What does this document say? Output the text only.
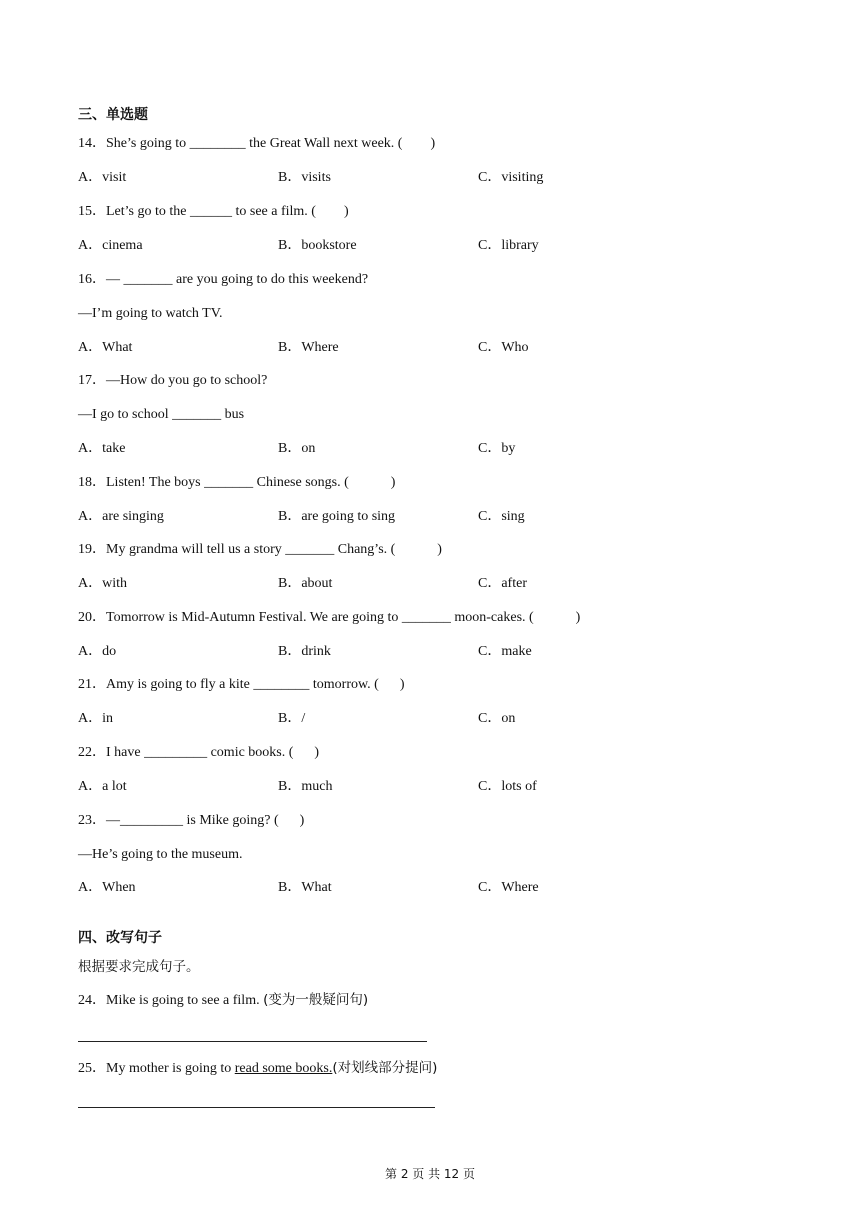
三、单选题
14．She’s going to ________ the Great Wall next week. (        )
A．visit	B．visits	C．visiting
15．Let’s go to the ______ to see a film. (        )
A．cinema	B．bookstore	C．library
16．— _______ are you going to do this weekend?
—I’m going to watch TV.
A．What	B．Where	C．Who
17．—How do you go to school?
—I go to school _______ bus
A．take	B．on	C．by
18．Listen! The boys _______ Chinese songs. (            )
A．are singing	B．are going to sing	C．sing
19．My grandma will tell us a story _______ Chang’s. (            )
A．with	B．about	C．after
20．Tomorrow is Mid-Autumn Festival. We are going to _______ moon-cakes. (            )
A．do	B．drink	C．make
21．Amy is going to fly a kite ________ tomorrow. (      )
A．in	B．/	C．on
22．I have _________ comic books. (      )
A．a lot	B．much	C．lots of
23．—_________ is Mike going? (      )
—He’s going to the museum.
A．When	B．What	C．Where
四、改写句子
根据要求完成句子。
24．Mike is going to see a film. (变为一般疑问句)
25．My mother is going to read some books.(对划线部分提问)
第 2 页 共 12 页
